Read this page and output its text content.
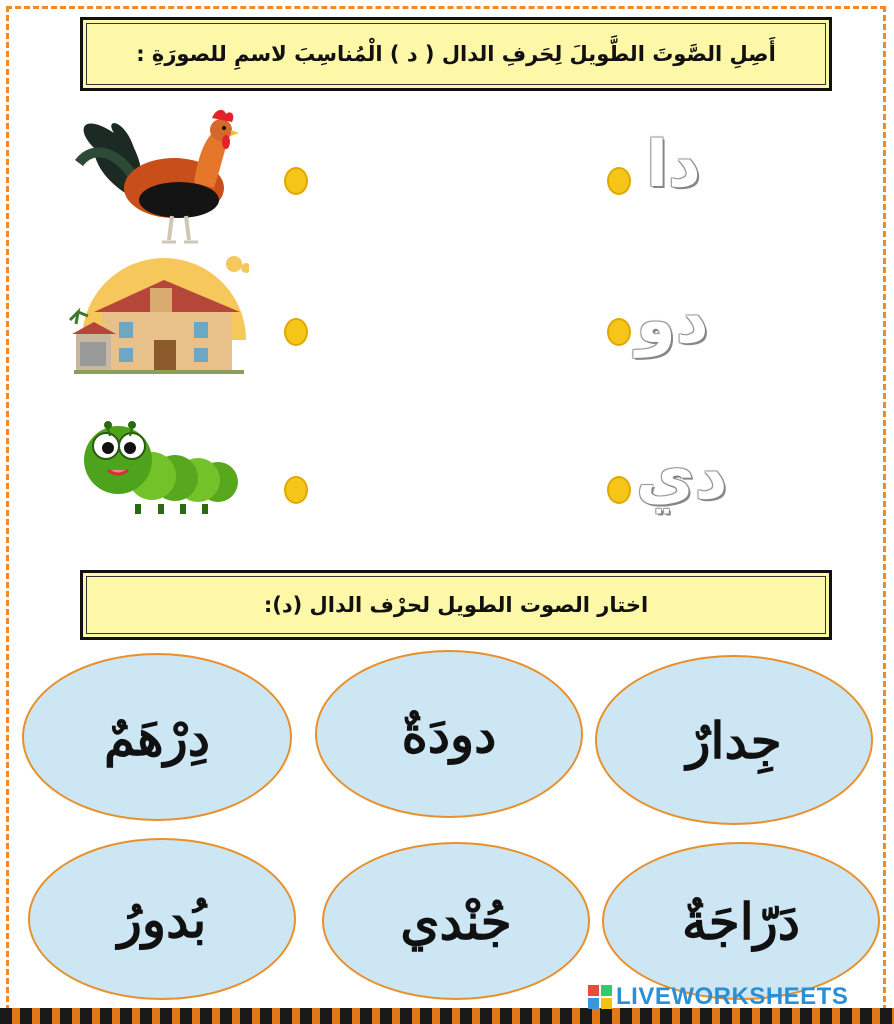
أَصِلِ الصَّوتَ الطَّويلَ لِحَرفِ الدال ( د ) الْمُناسِبَ لاسمِ للصورَةِ :
دا
دو
دي
اختار الصوت الطويل لحرْف الدال (د):
جِدارٌ
دودَةٌ
دِرْهَمٌ
دَرّاجَةٌ
جُنْدي
بُدورُ
LIVEWORKSHEETS
